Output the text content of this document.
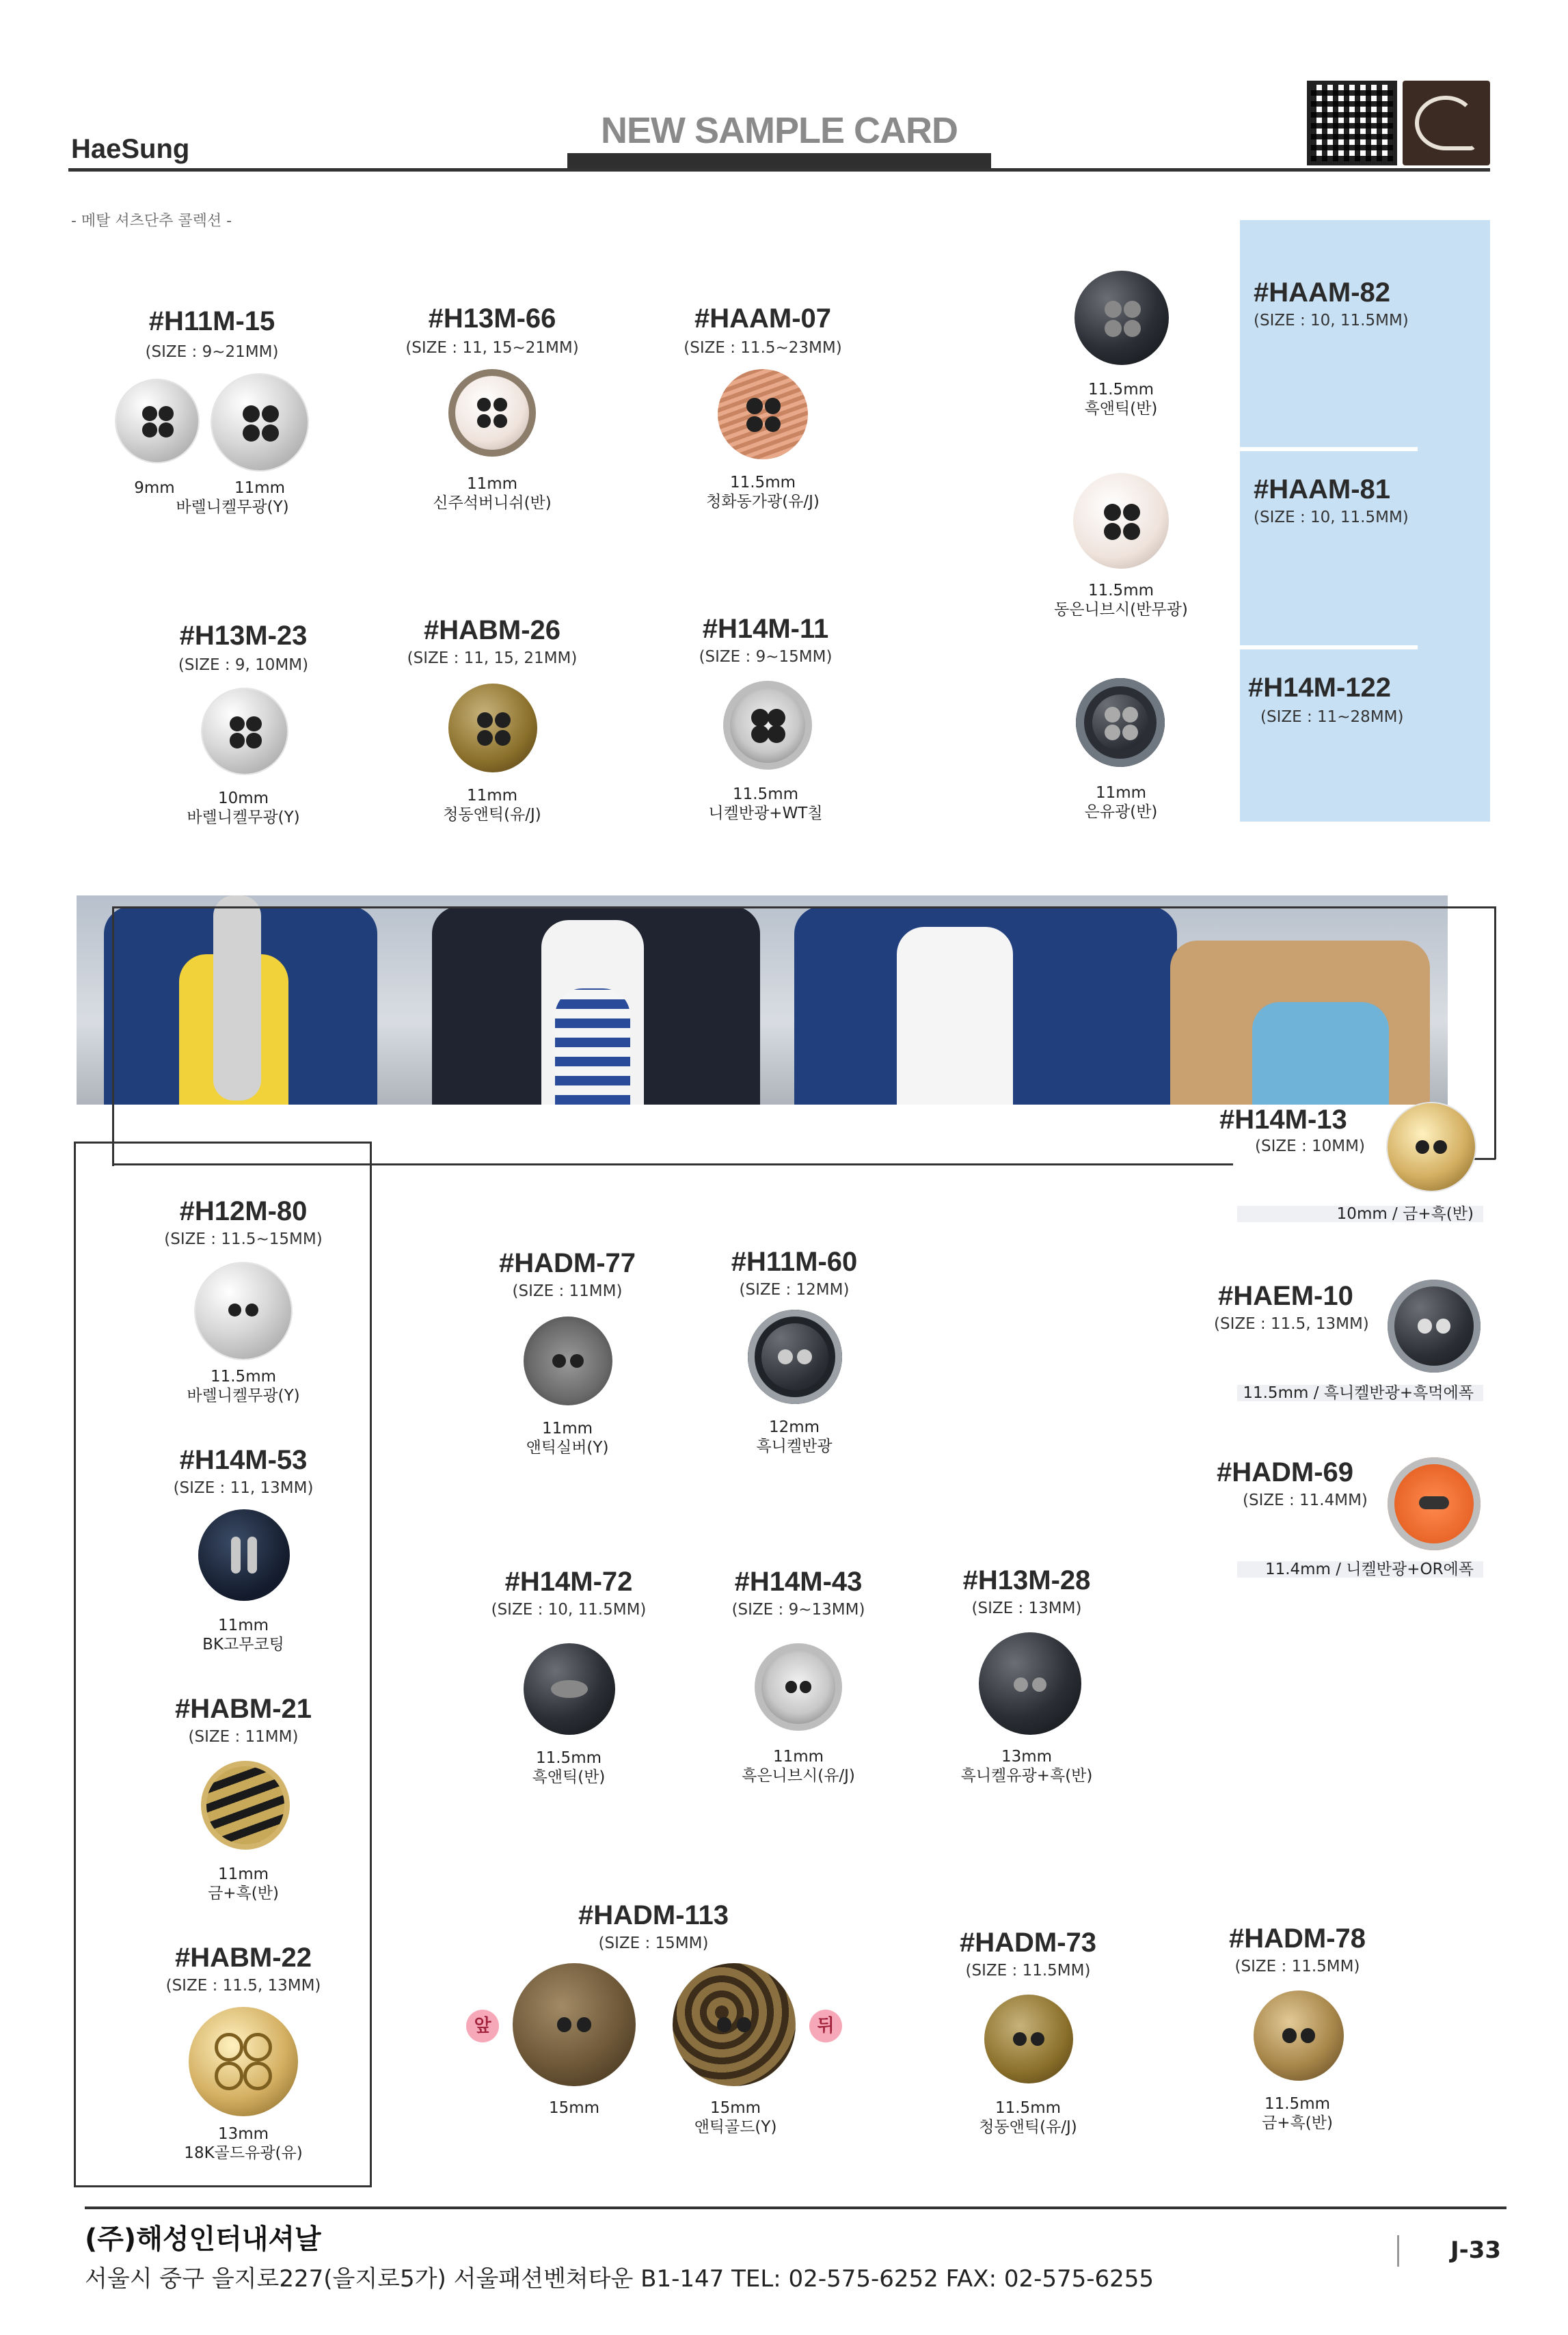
HaeSung	NEW SAMPLE CARD
- 메탈 셔츠단추 콜렉션 -
#H11M-15
(SIZE : 9~21MM)
9mm	11mm
바렐니켈무광(Y)
#H13M-66
(SIZE : 11, 15~21MM)
11mm
신주석버니쉬(반)
#HAAM-07
(SIZE : 11.5~23MM)
11.5mm
청화동가광(유/J)
11.5mm
흑앤틱(반)
#HAAM-82
(SIZE : 10, 11.5MM)
11.5mm
동은니브시(반무광)
#HAAM-81
(SIZE : 10, 11.5MM)
#H13M-23
(SIZE : 9, 10MM)
10mm
바렐니켈무광(Y)
#HABM-26
(SIZE : 11, 15, 21MM)
11mm
청동앤틱(유/J)
#H14M-11
(SIZE : 9~15MM)
11.5mm
니켈반광+WT칠
11mm
은유광(반)
#H14M-122
(SIZE : 11~28MM)
#H14M-13
(SIZE : 10MM)
10mm / 금+흑(반)
#H12M-80
(SIZE : 11.5~15MM)
11.5mm
바렐니켈무광(Y)
#H14M-53
(SIZE : 11, 13MM)
11mm
BK고무코팅
#HABM-21
(SIZE : 11MM)
11mm
금+흑(반)
#HABM-22
(SIZE : 11.5, 13MM)
13mm
18K골드유광(유)
#HADM-77
(SIZE : 11MM)
11mm
앤틱실버(Y)
#H11M-60
(SIZE : 12MM)
12mm
흑니켈반광
#HAEM-10
(SIZE : 11.5, 13MM)
11.5mm / 흑니켈반광+흑먹에폭
#HADM-69
(SIZE : 11.4MM)
11.4mm / 니켈반광+OR에폭
#H14M-72
(SIZE : 10, 11.5MM)
11.5mm
흑앤틱(반)
#H14M-43
(SIZE : 9~13MM)
11mm
흑은니브시(유/J)
#H13M-28
(SIZE : 13MM)
13mm
흑니켈유광+흑(반)
#HADM-113
(SIZE : 15MM)
앞	뒤
15mm	15mm
앤틱골드(Y)
#HADM-73
(SIZE : 11.5MM)
11.5mm
청동앤틱(유/J)
#HADM-78
(SIZE : 11.5MM)
11.5mm
금+흑(반)
(주)해성인터내셔날
서울시 중구 을지로227(을지로5가) 서울패션벤쳐타운 B1-147 TEL: 02-575-6252 FAX: 02-575-6255
J-33
